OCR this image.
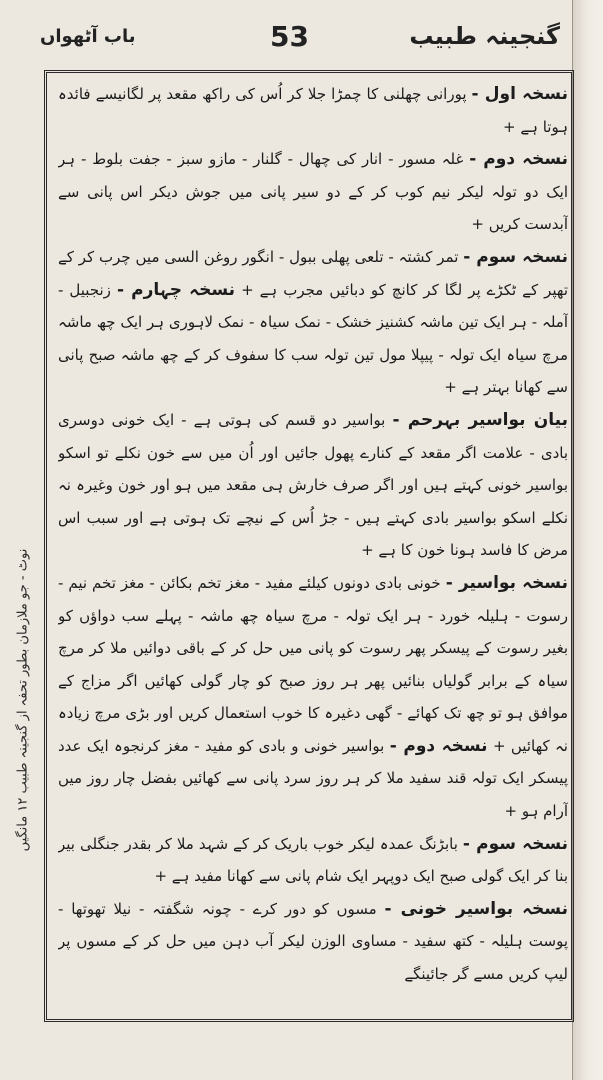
گنجینہ طبیب
53
باب آٹھواں

نسخہ اول - پورانی چھلنی کا چمڑا جلا کر اُس کی راکھ مقعد پر لگانیسے فائدہ ہوتا ہے +

نسخہ دوم - غلہ مسور - انار کی چھال - گلنار - مازو سبز - جفت بلوط - ہر ایک دو تولہ لیکر نیم کوب کر کے دو سیر پانی میں جوش دیکر اس پانی سے آبدست کریں +

نسخہ سوم - تمر کشتہ - تلعی پھلی ببول - انگور روغن السی میں چرب کر کے تھپر کے ٹکڑے پر لگا کر کانچ کو دبائیں مجرب ہے + نسخہ چہارم - زنجبیل - آملہ - ہر ایک تین ماشہ کشنیز خشک - نمک سیاہ - نمک لاہوری ہر ایک چھ ماشہ مرچ سیاہ ایک تولہ - پیپلا مول تین تولہ سب کا سفوف کر کے چھ ماشہ صبح پانی سے کھانا بہتر ہے +

بیان بواسیر بہرحم - بواسیر دو قسم کی ہوتی ہے - ایک خونی دوسری بادی - علامت اگر مقعد کے کنارے پھول جائیں اور اُن میں سے خون نکلے تو اسکو بواسیر خونی کہتے ہیں اور اگر صرف خارش ہی مقعد میں ہو اور خون وغیرہ نہ نکلے اسکو بواسیر بادی کہتے ہیں - جڑ اُس کے نیچے تک ہوتی ہے اور سبب اس مرض کا فاسد ہونا خون کا ہے +

نسخہ بواسیر - خونی بادی دونوں کیلئے مفید - مغز تخم بکائن - مغز تخم نیم - رسوت - ہلیلہ خورد - ہر ایک تولہ - مرچ سیاہ چھ ماشہ - پہلے سب دواؤں کو بغیر رسوت کے پیسکر پھر رسوت کو پانی میں حل کر کے باقی دوائیں ملا کر مرچ سیاہ کے برابر گولیاں بنائیں پھر ہر روز صبح کو چار گولی کھائیں اگر مزاج کے موافق ہو تو چھ تک کھائے - گھی دغیرہ کا خوب استعمال کریں اور بڑی مرچ زیادہ نہ کھائیں + نسخہ دوم - بواسیر خونی و بادی کو مفید - مغز کرنجوہ ایک عدد پیسکر ایک تولہ قند سفید ملا کر ہر روز سرد پانی سے کھائیں بفضل چار روز میں آرام ہو +

نسخہ سوم - بابڑنگ عمدہ لیکر خوب باریک کر کے شہد ملا کر بقدر جنگلی بیر بنا کر ایک گولی صبح ایک دوپہر ایک شام پانی سے کھانا مفید ہے +

نسخہ بواسیر خونی - مسوں کو دور کرے - چونہ شگفتہ - نیلا تھوتھا - پوست ہلیلہ - کتھ سفید - مساوی الوزن لیکر آب دہن میں حل کر کے مسوں پر لیپ کریں مسے گر جائینگے

نوٹ - جو ملازمان بطور تحفہ از گنجینہ طبیب ۱۲ مانگیں
